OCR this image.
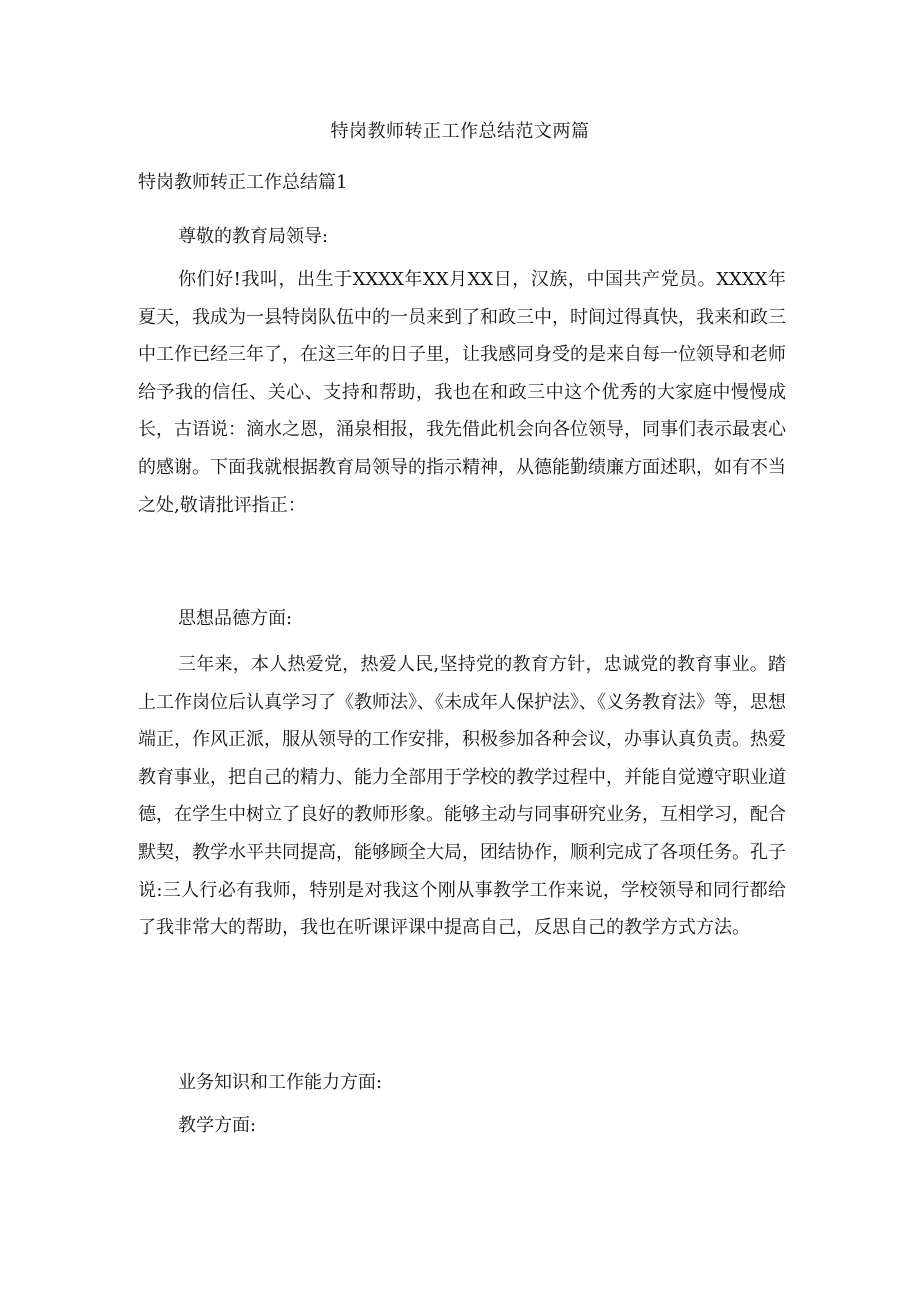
特岗教师转正工作总结范文两篇
特岗教师转正工作总结篇1

尊敬的教育局领导:

你们好!我叫，出生于XXXX年XX月XX日，汉族，中国共产党员。XXXX年夏天，我成为一县特岗队伍中的一员来到了和政三中，时间过得真快，我来和政三中工作已经三年了，在这三年的日子里，让我感同身受的是来自每一位领导和老师给予我的信任、关心、支持和帮助，我也在和政三中这个优秀的大家庭中慢慢成长，古语说：滴水之恩，涌泉相报，我先借此机会向各位领导，同事们表示最衷心的感谢。下面我就根据教育局领导的指示精神，从德能勤绩廉方面述职，如有不当之处,敬请批评指正：

思想品德方面:

三年来，本人热爱党，热爱人民,坚持党的教育方针，忠诚党的教育事业。踏上工作岗位后认真学习了《教师法》、《未成年人保护法》、《义务教育法》等，思想端正，作风正派，服从领导的工作安排，积极参加各种会议，办事认真负责。热爱教育事业，把自己的精力、能力全部用于学校的教学过程中，并能自觉遵守职业道德，在学生中树立了良好的教师形象。能够主动与同事研究业务，互相学习，配合默契，教学水平共同提高，能够顾全大局，团结协作，顺利完成了各项任务。孔子说:三人行必有我师，特别是对我这个刚从事教学工作来说，学校领导和同行都给了我非常大的帮助，我也在听课评课中提高自己，反思自己的教学方式方法。

业务知识和工作能力方面:

教学方面:
